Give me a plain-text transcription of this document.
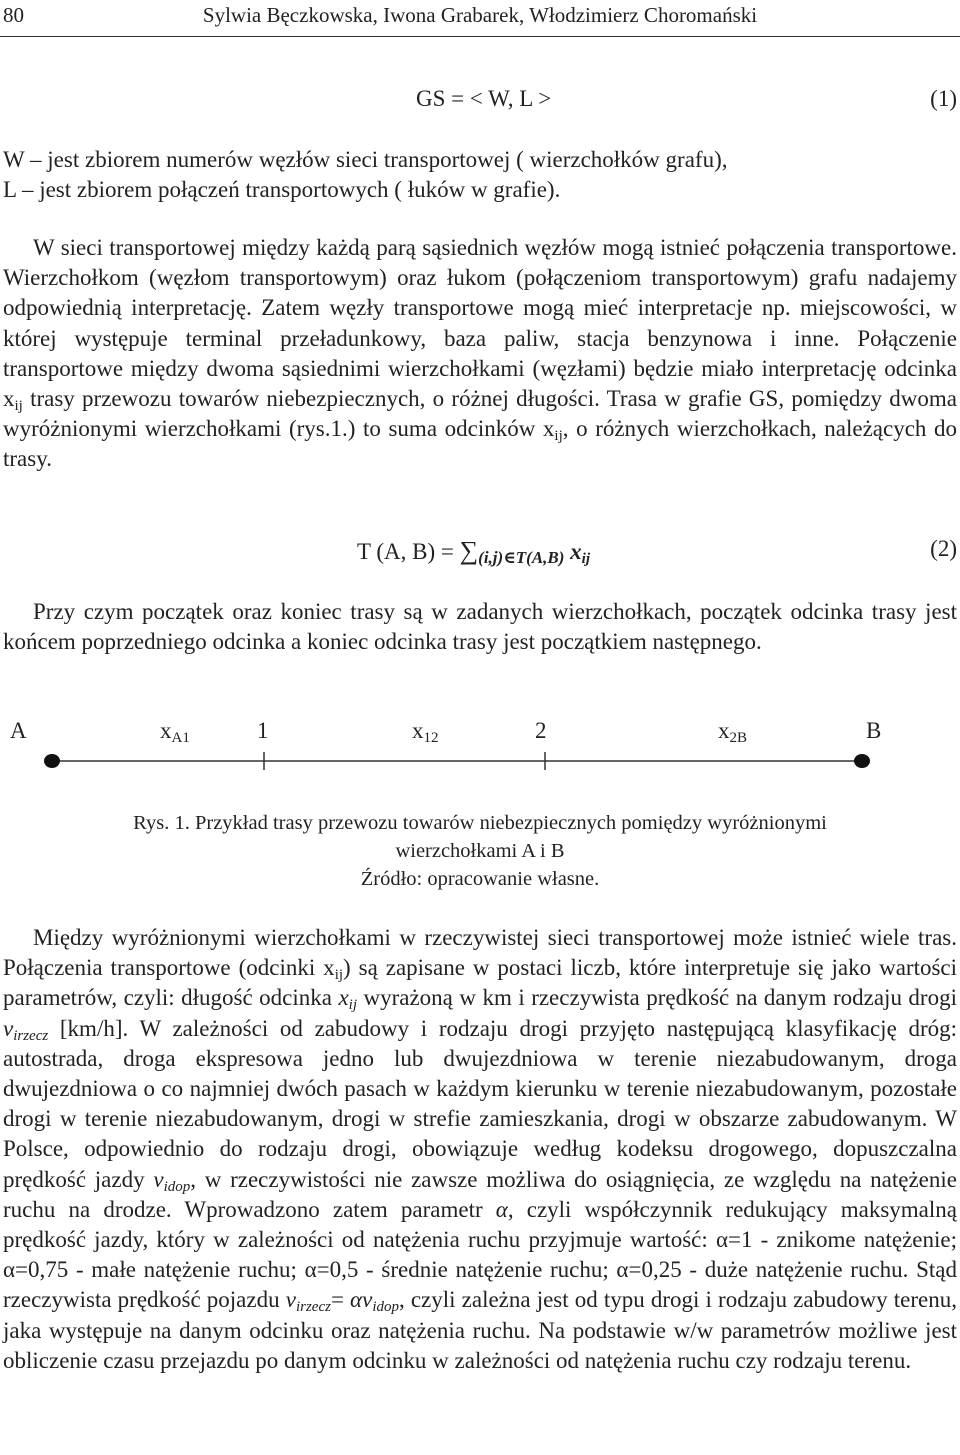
80	Sylwia Bęczkowska, Iwona Grabarek, Włodzimierz Choromański
GS = < W, L >	(1)
W – jest zbiorem numerów węzłów sieci transportowej ( wierzchołków grafu),
L – jest zbiorem połączeń transportowych ( łuków w grafie).

W sieci transportowej między każdą parą sąsiednich węzłów mogą istnieć połączenia transportowe. Wierzchołkom (węzłom transportowym) oraz łukom (połączeniom transportowym) grafu nadajemy odpowiednią interpretację. Zatem węzły transportowe mogą mieć interpretacje np. miejscowości, w której występuje terminal przeładunkowy, baza paliw, stacja benzynowa i inne. Połączenie transportowe między dwoma sąsiednimi wierzchołkami (węzłami) będzie miało interpretację odcinka $x_{ij}$ trasy przewozu towarów niebezpiecznych, o różnej długości. Trasa w grafie GS, pomiędzy dwoma wyróżnionymi wierzchołkami (rys.1.) to suma odcinków $x_{ij}$, o różnych wierzchołkach, należących do trasy.

T (A, $B) = \sum_{(i,j)\in T(A,B)}$ $x_{ij}$	(2)

Przy czym początek oraz koniec trasy są w zadanych wierzchołkach, początek odcinka trasy jest końcem poprzedniego odcinka a koniec odcinka trasy jest początkiem następnego.

A	$x_{A1}$	1	$x_{12}$	2	$x_{2B}$	B
Rys. 1. Przykład trasy przewozu towarów niebezpiecznych pomiędzy wyróżnionymi
wierzchołkami A i B
Źródło: opracowanie własne.

Między wyróżnionymi wierzchołkami w rzeczywistej sieci transportowej może istnieć wiele tras. Połączenia transportowe (odcinki $x_{ij}$) są zapisane w postaci liczb, które interpretuje się jako wartości parametrów, czyli: długość odcinka $x_{ij}$ wyrażoną w km i rzeczywista prędkość na danym rodzaju drogi $v_{irzecz}$ [km/h]. W zależności od zabudowy i rodzaju drogi przyjęto następującą klasyfikację dróg: autostrada, droga ekspresowa jedno lub dwujezdniowa w terenie niezabudowanym, droga dwujezdniowa o co najmniej dwóch pasach w każdym kierunku w terenie niezabudowanym, pozostałe drogi w terenie niezabudowanym, drogi w strefie zamieszkania, drogi w obszarze zabudowanym. W Polsce, odpowiednio do rodzaju drogi, obowiązuje według kodeksu drogowego, dopuszczalna prędkość jazdy $v_{idop}$, w rzeczywistości nie zawsze możliwa do osiągnięcia, ze względu na natężenie ruchu na drodze. Wprowadzono zatem parametr α, czyli współczynnik redukujący maksymalną prędkość jazdy, który w zależności od natężenia ruchu przyjmuje wartość: α=1 - znikome natężenie; α=0,75 - małe natężenie ruchu; α=0,5 - średnie natężenie ruchu; α=0,25 - duże natężenie ruchu. Stąd rzeczywista prędkość pojazdu $v_{irzecz}= \alpha v_{idop}$, czyli zależna jest od typu drogi i rodzaju zabudowy terenu, jaka występuje na danym odcinku oraz natężenia ruchu. Na podstawie w/w parametrów możliwe jest obliczenie czasu przejazdu po danym odcinku w zależności od natężenia ruchu czy rodzaju terenu.
